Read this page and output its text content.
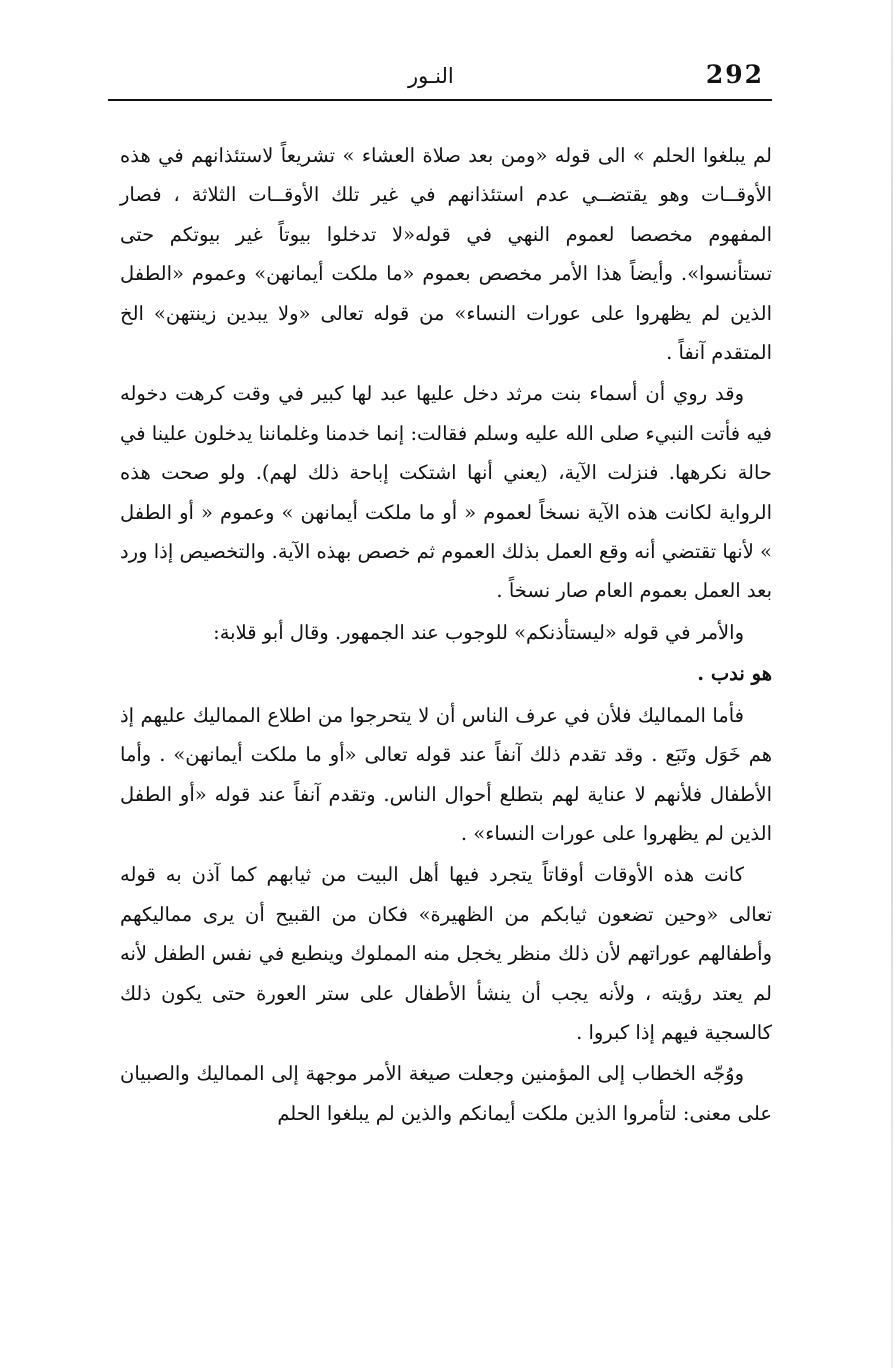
292
النـور

لم يبلغوا الحلم » الى قوله «ومن بعد صلاة العشاء » تشريعاً لاستئذانهم في هذه الأوقــات وهو يقتضــي عدم استئذانهم في غير تلك الأوقــات الثلاثة ، فصار المفهوم مخصصا لعموم النهي في قوله«لا تدخلوا بيوتاً غير بيوتكم حتى تستأنسوا». وأيضاً هذا الأمر مخصص بعموم «ما ملكت أيمانهن» وعموم «الطفل الذين لم يظهروا على عورات النساء» من قوله تعالى «ولا يبدين زينتهن» الخ المتقدم آنفاً .

وقد روي أن أسماء بنت مرثد دخل عليها عبد لها كبير في وقت كرهت دخوله فيه فأتت النبيء صلى الله عليه وسلم فقالت: إنما خدمنا وغلماننا يدخلون علينا في حالة نكرهها. فنزلت الآية، (يعني أنها اشتكت إباحة ذلك لهم). ولو صحت هذه الرواية لكانت هذه الآية نسخاً لعموم « أو ما ملكت أيمانهن » وعموم « أو الطفل » لأنها تقتضي أنه وقع العمل بذلك العموم ثم خصص بهذه الآية. والتخصيص إذا ورد بعد العمل بعموم العام صار نسخاً .

والأمر في قوله «ليستأذنكم» للوجوب عند الجمهور. وقال أبو قلابة:

هو ندب .

فأما المماليك فلأن في عرف الناس أن لا يتحرجوا من اطلاع المماليك عليهم إذ هم خَوَل وتَبَع . وقد تقدم ذلك آنفاً عند قوله تعالى «أو ما ملكت أيمانهن» . وأما الأطفال فلأنهم لا عناية لهم بتطلع أحوال الناس. وتقدم آنفاً عند قوله «أو الطفل الذين لم يظهروا على عورات النساء» .

كانت هذه الأوقات أوقاتاً يتجرد فيها أهل البيت من ثيابهم كما آذن به قوله تعالى «وحين تضعون ثيابكم من الظهيرة» فكان من القبيح أن يرى مماليكهم وأطفالهم عوراتهم لأن ذلك منظر يخجل منه المملوك وينطبع في نفس الطفل لأنه لم يعتد رؤيته ، ولأنه يجب أن ينشأ الأطفال على ستر العورة حتى يكون ذلك كالسجية فيهم إذا كبروا .

ووُجّه الخطاب إلى المؤمنين وجعلت صيغة الأمر موجهة إلى المماليك والصبيان على معنى: لتأمروا الذين ملكت أيمانكم والذين لم يبلغوا الحلم
